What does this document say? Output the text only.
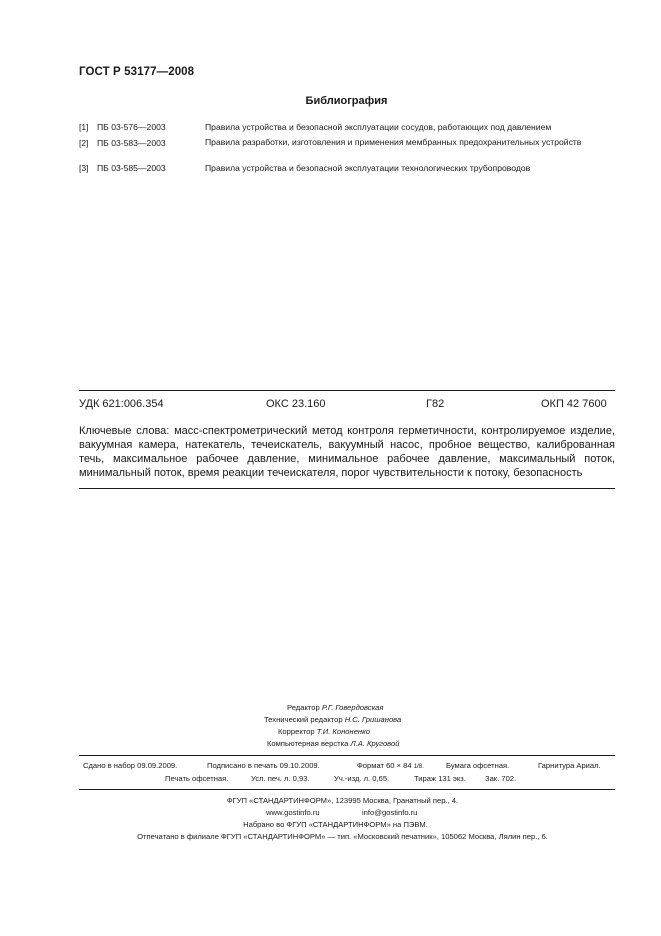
ГОСТ Р 53177—2008
Библиография
[1] ПБ 03-576—2003	Правила устройства и безопасной эксплуатации сосудов, работающих под давлением
[2] ПБ 03-583—2003	Правила разработки, изготовления и применения мембранных предохранительных устройств
[3] ПБ 03-585—2003	Правила устройства и безопасной эксплуатации технологических трубопроводов
УДК 621:006.354	ОКС 23.160	Г82	ОКП 42 7600
Ключевые слова: масс-спектрометрический метод контроля герметичности, контролируемое изделие, вакуумная камера, натекатель, течеискатель, вакуумный насос, пробное вещество, калиброванная течь, максимальное рабочее давление, минимальное рабочее давление, максимальный поток, минимальный поток, время реакции течеискателя, порог чувствительности к потоку, безопасность
Редактор Р.Г. Говердовская
Технический редактор Н.С. Гришанова
Корректор Т.И. Кононенко
Компьютерная верстка Л.А. Круговой
Сдано в набор 09.09.2009.	Подписано в печать 09.10.2009.	Формат 60 × 84 1/8.	Бумага офсетная.	Гарнитура Ариал.
Печать офсетная.	Усл. печ. л. 0,93.	Уч.-изд. л. 0,65.	Тираж 131 экз.	Зак. 702.
ФГУП «СТАНДАРТИНФОРМ», 123995 Москва, Гранатный пер., 4.
www.gostinfo.ru	info@gostinfo.ru
Набрано во ФГУП «СТАНДАРТИНФОРМ» на ПЭВМ.
Отпечатано в филиале ФГУП «СТАНДАРТИНФОРМ» — тип. «Московский печатник», 105062 Москва, Лялин пер., 6.
